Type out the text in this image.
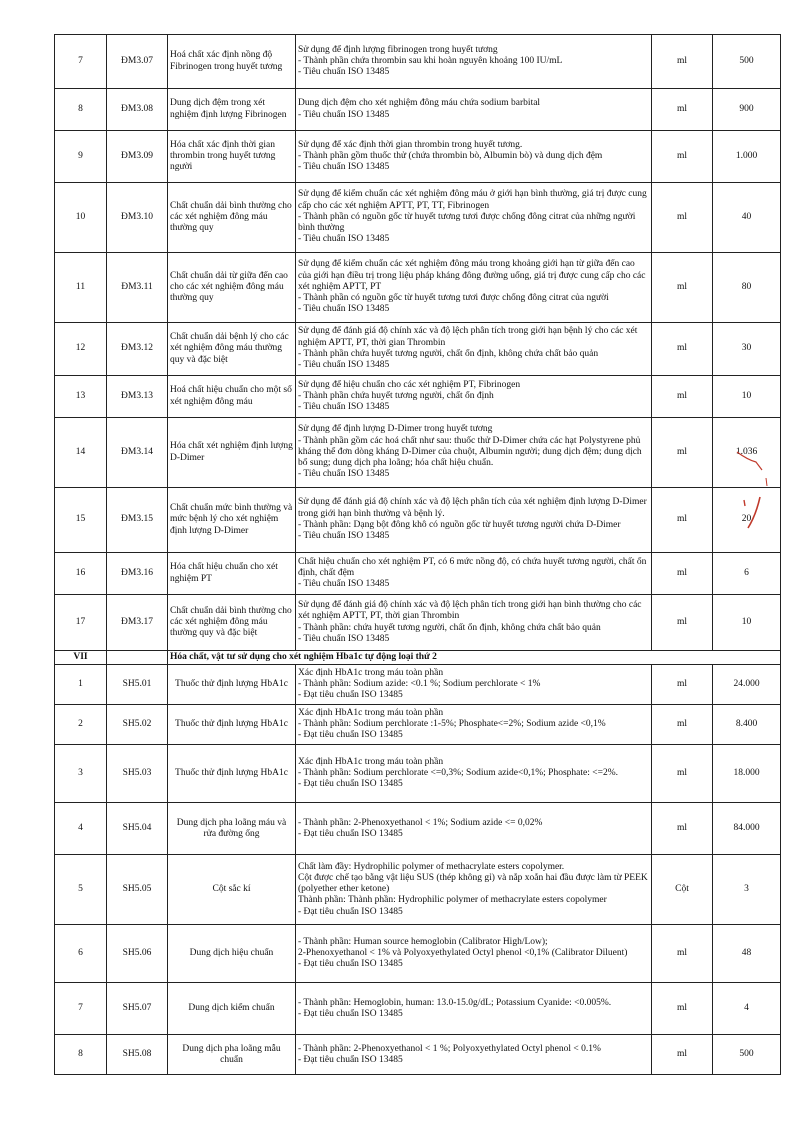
7	ĐM3.07	Hoá chất xác định nồng độ Fibrinogen trong huyết tương	Sử dụng để định lượng fibrinogen trong huyết tương
- Thành phần chứa thrombin sau khi hoàn nguyên khoảng 100 IU/mL
- Tiêu chuẩn ISO 13485	ml	500
8	ĐM3.08	Dung dịch đệm trong xét nghiệm định lượng Fibrinogen	Dung dịch đệm cho xét nghiệm đông máu chứa sodium barbital
- Tiêu chuẩn ISO 13485	ml	900
9	ĐM3.09	Hóa chất xác định thời gian thrombin trong huyết tương người	Sử dụng để xác định thời gian thrombin trong huyết tương.
- Thành phần gồm thuốc thử (chứa thrombin bò, Albumin bò) và dung dịch đệm
- Tiêu chuẩn ISO 13485	ml	1.000
10	ĐM3.10	Chất chuẩn dải bình thường cho các xét nghiệm đông máu thường quy	Sử dụng để kiểm chuẩn các xét nghiệm đông máu ở giới hạn bình thường, giá trị được cung cấp cho các xét nghiệm APTT, PT, TT, Fibrinogen
- Thành phần có nguồn gốc từ huyết tương tươi được chống đông citrat của những người bình thường
- Tiêu chuẩn ISO 13485	ml	40
11	ĐM3.11	Chất chuẩn dải từ giữa đến cao cho các xét nghiệm đông máu thường quy	Sử dụng để kiểm chuẩn các xét nghiệm đông máu trong khoảng giới hạn từ giữa đến cao của giới hạn điều trị trong liệu pháp kháng đông đường uống, giá trị được cung cấp cho các xét nghiệm APTT, PT
- Thành phần có nguồn gốc từ huyết tương tươi được chống đông citrat của người
- Tiêu chuẩn ISO 13485	ml	80
12	ĐM3.12	Chất chuẩn dải bệnh lý cho các xét nghiệm đông máu thường quy và đặc biệt	Sử dụng để đánh giá độ chính xác và độ lệch phân tích trong giới hạn bệnh lý cho các xét nghiệm APTT, PT, thời gian Thrombin
- Thành phần chứa huyết tương người, chất ổn định, không chứa chất bảo quản
- Tiêu chuẩn ISO 13485	ml	30
13	ĐM3.13	Hoá chất hiệu chuẩn cho một số xét nghiệm đông máu	Sử dụng để hiệu chuẩn cho các xét nghiệm PT, Fibrinogen
- Thành phần chứa huyết tương người, chất ổn định
- Tiêu chuẩn ISO 13485	ml	10
14	ĐM3.14	Hóa chất xét nghiệm định lượng D-Dimer	Sử dụng để định lượng D-Dimer trong huyết tương
- Thành phần gồm các hoá chất như sau: thuốc thử D-Dimer chứa các hạt Polystyrene phủ kháng thể đơn dòng kháng D-Dimer của chuột, Albumin người; dung dịch đệm; dung dịch bổ sung; dung dịch pha loãng; hóa chất hiệu chuẩn.
- Tiêu chuẩn ISO 13485	ml	1.036
15	ĐM3.15	Chất chuẩn mức bình thường và mức bệnh lý cho xét nghiệm định lượng D-Dimer	Sử dụng để đánh giá độ chính xác và độ lệch phân tích của xét nghiệm định lượng D-Dimer trong giới hạn bình thường và bệnh lý.
- Thành phần: Dạng bột đông khô có nguồn gốc từ huyết tương người chứa D-Dimer
- Tiêu chuẩn ISO 13485	ml	20
16	ĐM3.16	Hóa chất hiệu chuẩn cho xét nghiệm PT	Chất hiệu chuẩn cho xét nghiệm PT, có 6 mức nồng độ, có chứa huyết tương người, chất ổn định, chất đệm
- Tiêu chuẩn ISO 13485	ml	6
17	ĐM3.17	Chất chuẩn dải bình thường cho các xét nghiệm đông máu thường quy và đặc biệt	Sử dụng để đánh giá độ chính xác và độ lệch phân tích trong giới hạn bình thường cho các xét nghiệm APTT, PT, thời gian Thrombin
- Thành phần: chứa huyết tương người, chất ổn định, không chứa chất bảo quản
- Tiêu chuẩn ISO 13485	ml	10
VII		Hóa chất, vật tư sử dụng cho xét nghiệm Hba1c tự động loại thứ 2			
1	SH5.01	Thuốc thử định lượng HbA1c	Xác định HbA1c trong máu toàn phần
- Thành phần: Sodium azide: <0.1 %; Sodium perchlorate < 1%
- Đạt tiêu chuẩn ISO 13485	ml	24.000
2	SH5.02	Thuốc thử định lượng HbA1c	Xác định HbA1c trong máu toàn phần
- Thành phần: Sodium perchlorate :1-5%; Phosphate<=2%; Sodium azide <0,1%
- Đạt tiêu chuẩn ISO 13485	ml	8.400
3	SH5.03	Thuốc thử định lượng HbA1c	Xác định HbA1c trong máu toàn phần
- Thành phần: Sodium perchlorate <=0,3%; Sodium azide<0,1%; Phosphate: <=2%.
- Đạt tiêu chuẩn ISO 13485	ml	18.000
4	SH5.04	Dung dịch pha loãng máu và rửa đường ống	- Thành phần: 2-Phenoxyethanol < 1%; Sodium azide <= 0,02%
- Đạt tiêu chuẩn ISO 13485	ml	84.000
5	SH5.05	Cột sắc kí	Chất làm đầy: Hydrophilic polymer of methacrylate esters copolymer.
Cột được chế tạo bằng vật liệu SUS (thép không gỉ) và nắp xoắn hai đầu được làm từ PEEK (polyether ether ketone)
Thành phần: Thành phần: Hydrophilic polymer of methacrylate esters copolymer
- Đạt tiêu chuẩn ISO 13485	Cột	3
6	SH5.06	Dung dịch hiệu chuẩn	- Thành phần: Human source hemoglobin (Calibrator High/Low);
2-Phenoxyethanol < 1% và Polyoxyethylated Octyl phenol <0,1% (Calibrator Diluent)
- Đạt tiêu chuẩn ISO 13485	ml	48
7	SH5.07	Dung dịch kiểm chuẩn	- Thành phần: Hemoglobin, human: 13.0-15.0g/dL; Potassium Cyanide: <0.005%.
- Đạt tiêu chuẩn ISO 13485	ml	4
8	SH5.08	Dung dịch pha loãng mẫu chuẩn	- Thành phần: 2-Phenoxyethanol < 1 %; Polyoxyethylated Octyl phenol < 0.1%
- Đạt tiêu chuẩn ISO 13485	ml	500
